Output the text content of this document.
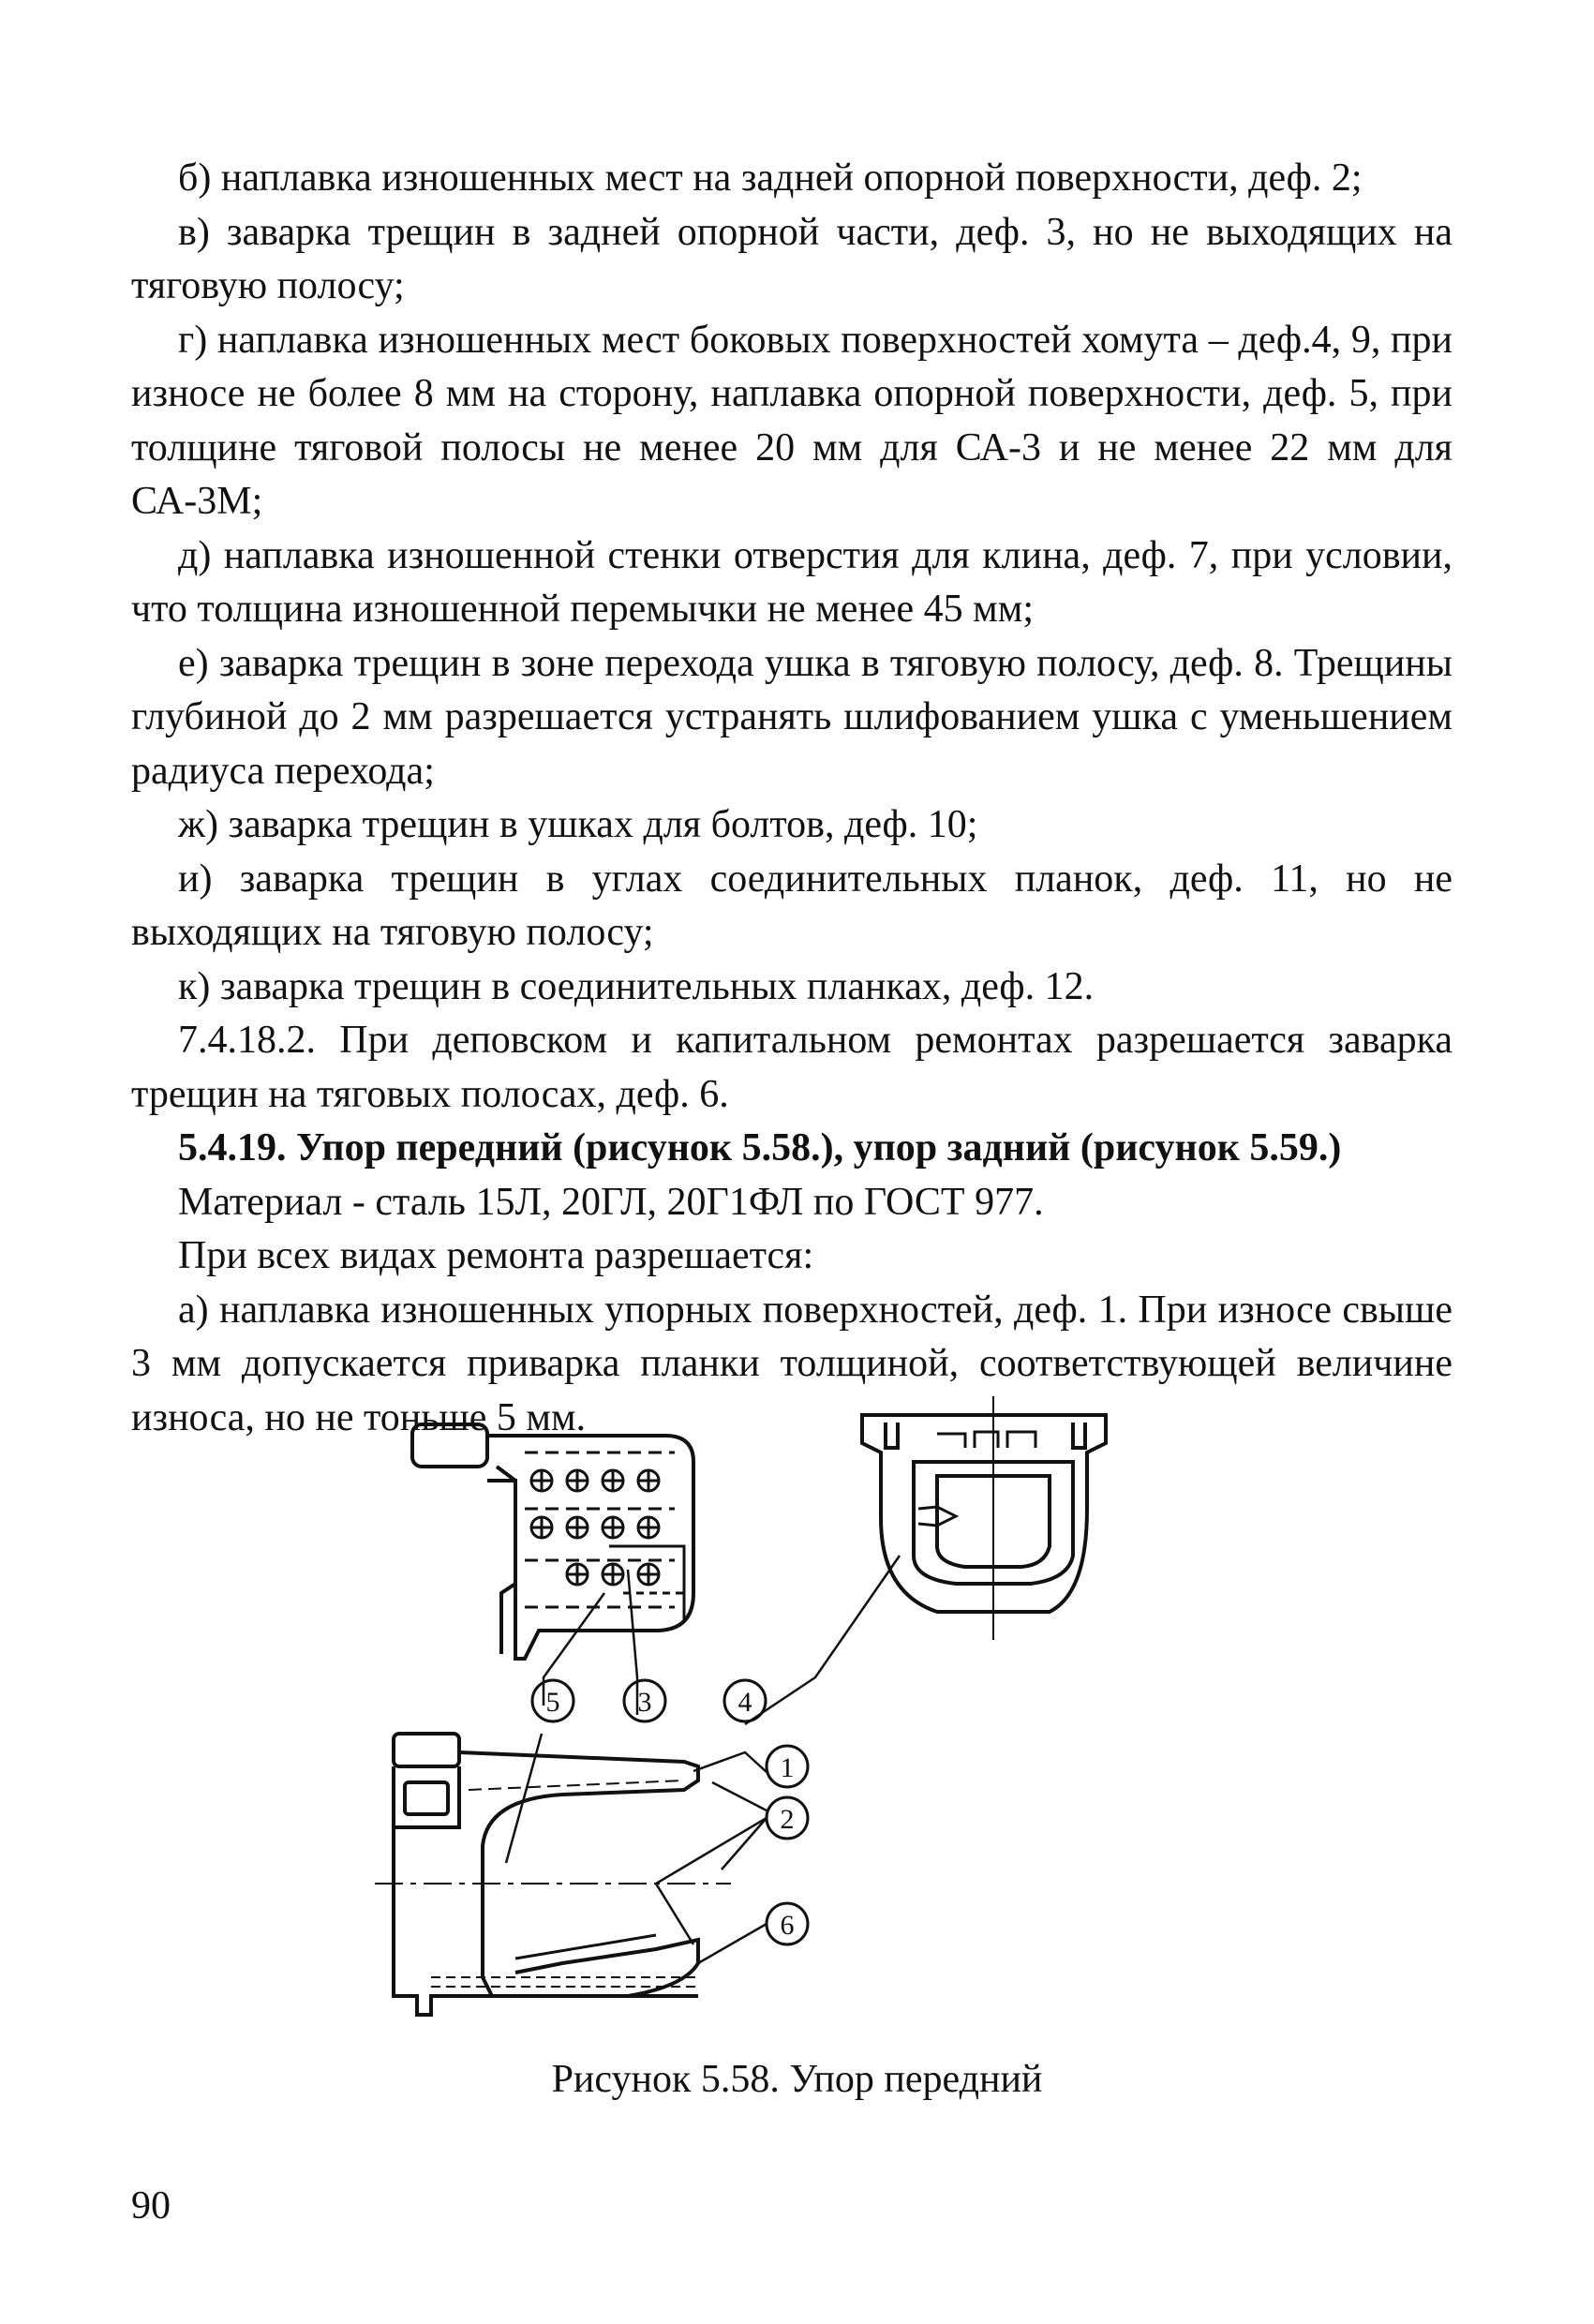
б) наплавка изношенных мест на задней опорной поверхности, деф. 2;

в) заварка трещин в задней опорной части, деф. 3, но не выходящих на тяговую полосу;

г) наплавка изношенных мест боковых поверхностей хомута – деф.4, 9, при износе не более 8 мм на сторону, наплавка опорной поверхности, деф. 5, при толщине тяговой полосы не менее 20 мм для СА-3 и не менее 22 мм для СА-3М;

д) наплавка изношенной стенки отверстия для клина, деф. 7, при условии, что толщина изношенной перемычки не менее 45 мм;

е) заварка трещин в зоне перехода ушка в тяговую полосу, деф. 8. Трещины глубиной до 2 мм разрешается устранять шлифованием ушка с уменьшением радиуса перехода;

ж) заварка трещин в ушках для болтов, деф. 10;

и) заварка трещин в углах соединительных планок, деф. 11, но не выходящих на тяговую полосу;

к) заварка трещин в соединительных планках, деф. 12.

7.4.18.2. При деповском и капитальном ремонтах разрешается заварка трещин на тяговых полосах, деф. 6.

5.4.19. Упор передний (рисунок 5.58.), упор задний (рисунок 5.59.)

Материал - сталь 15Л, 20ГЛ, 20Г1ФЛ по ГОСТ 977.

При всех видах ремонта разрешается:

а) наплавка изношенных упорных поверхностей, деф. 1. При износе свыше 3 мм допускается приварка планки толщиной, соответствующей величине износа, но не тоньше 5 мм.

5	3	4
1
2
6
Рисунок 5.58. Упор передний
90
